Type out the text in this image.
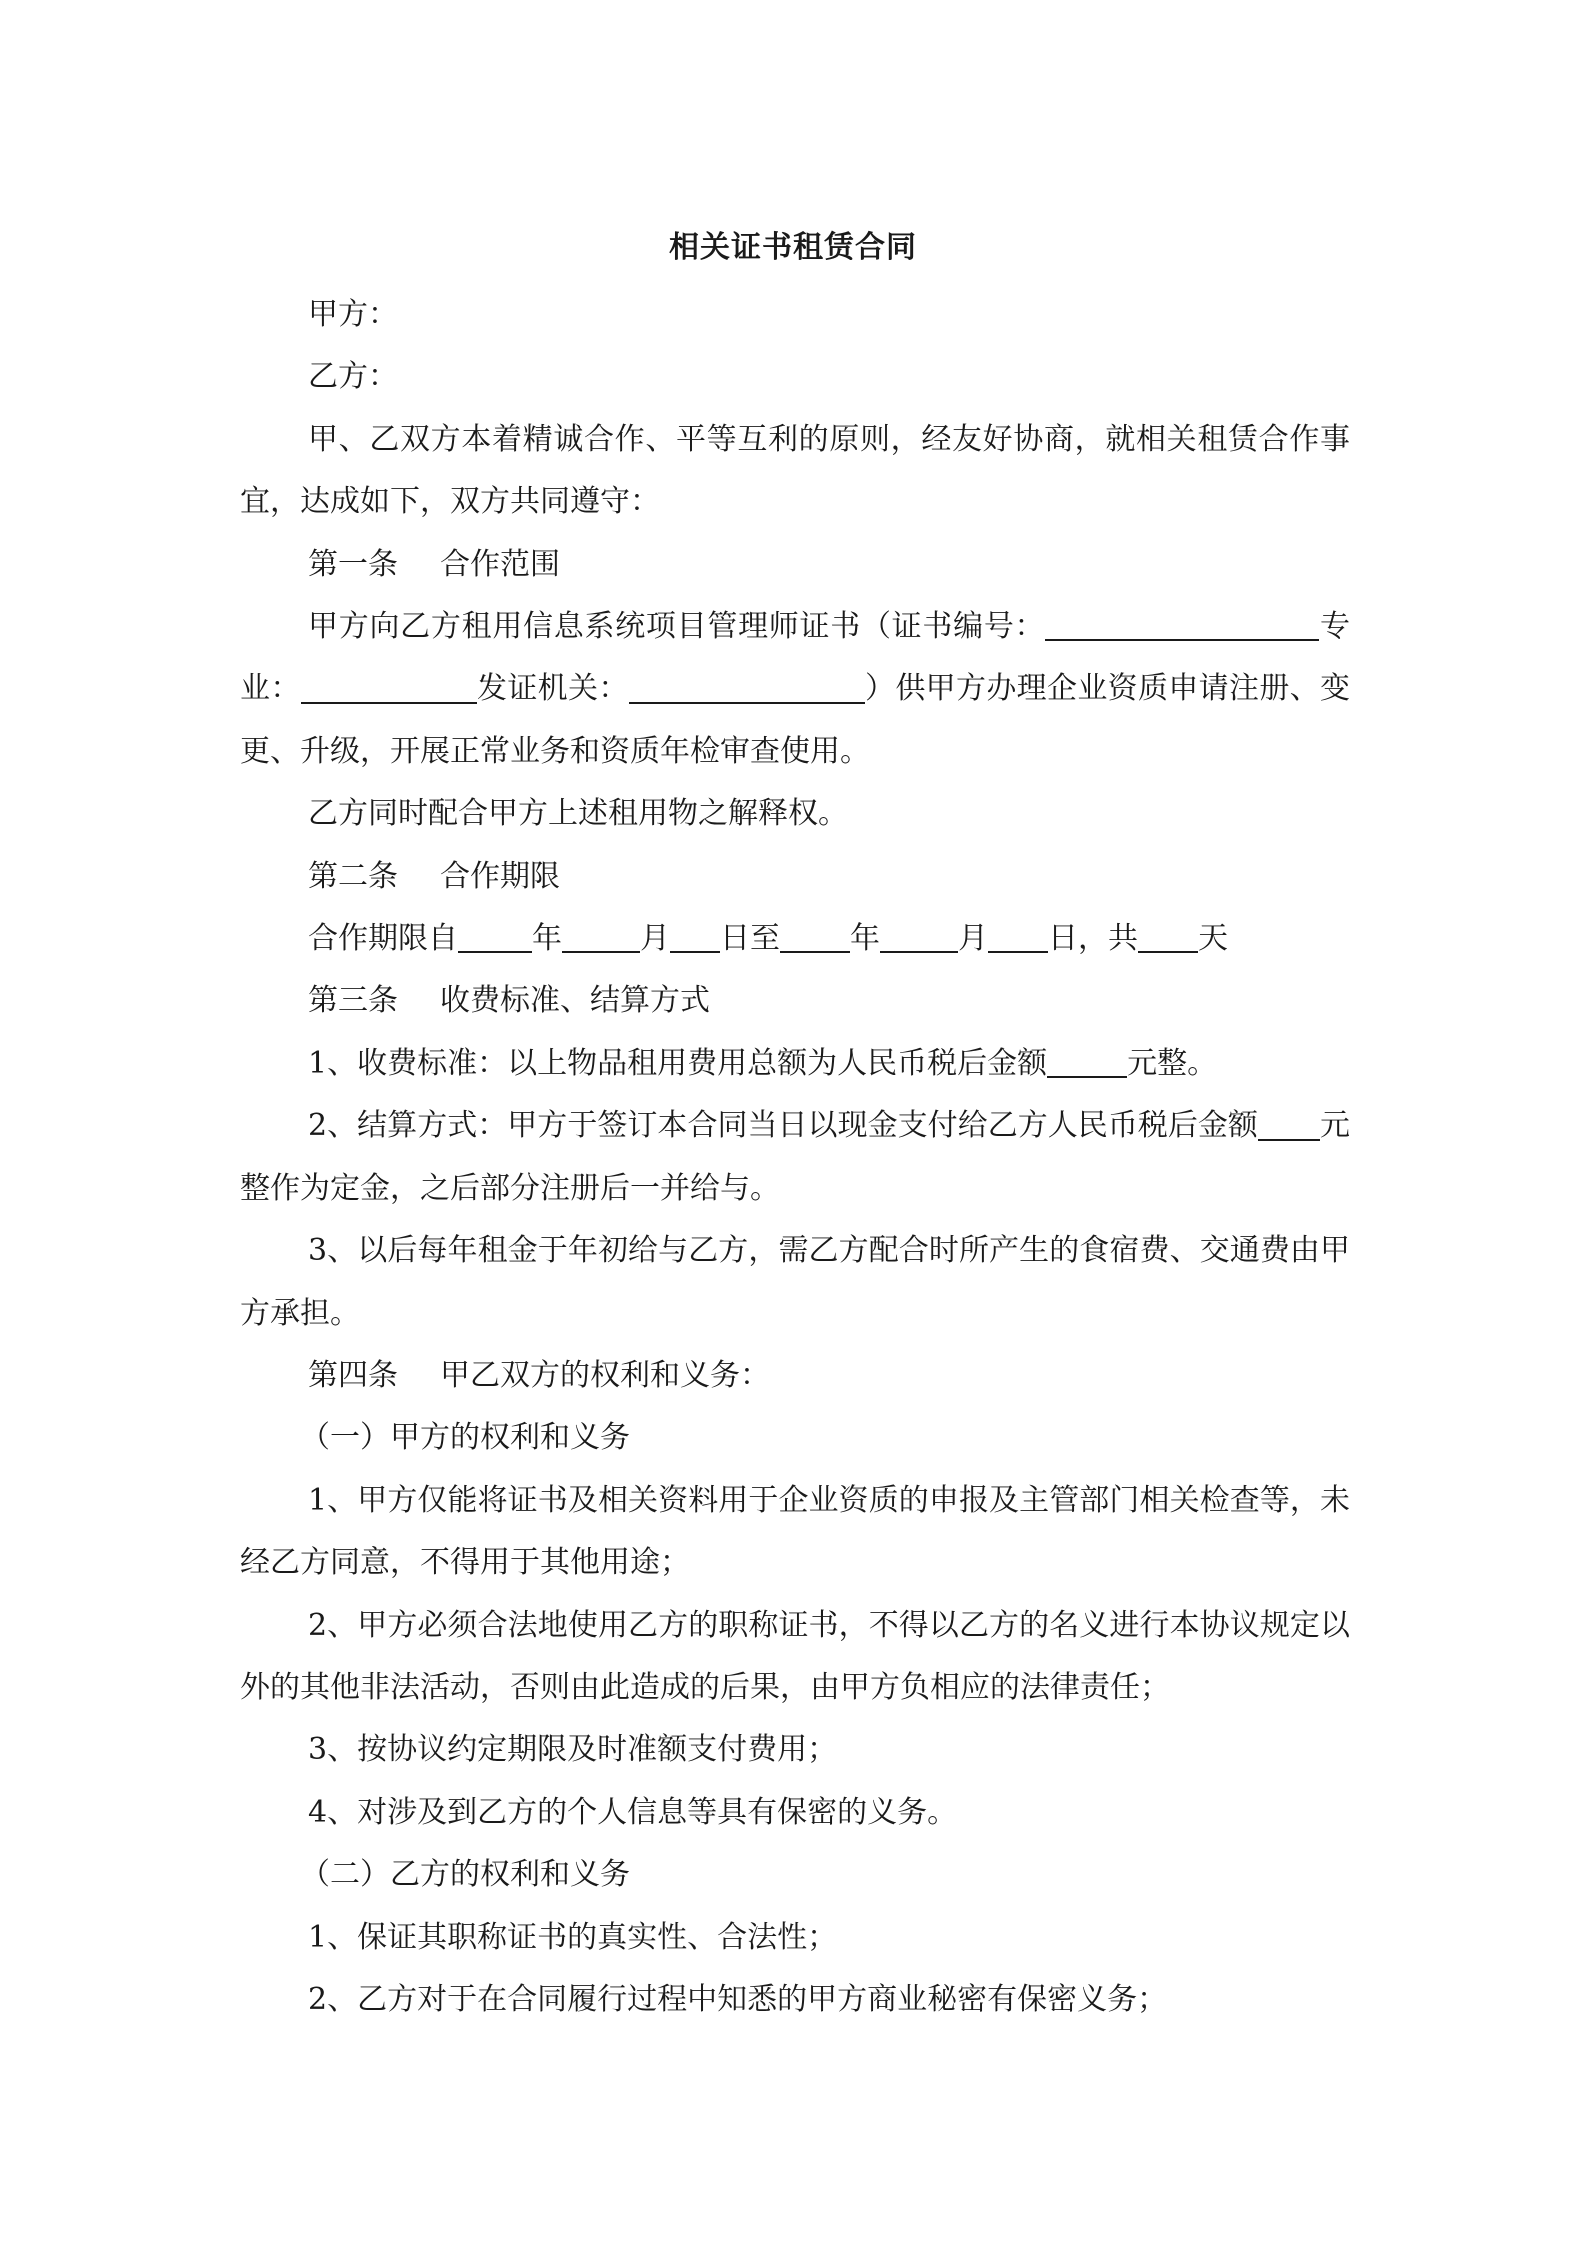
相关证书租赁合同

甲方：

乙方：

甲、乙双方本着精诚合作、平等互利的原则，经友好协商，就相关租赁合作事宜，达成如下，双方共同遵守：

第一条 合作范围

甲方向乙方租用信息系统项目管理师证书（证书编号：	专业：	发证机关：	）供甲方办理企业资质申请注册、变更、升级，开展正常业务和资质年检审查使用。

乙方同时配合甲方上述租用物之解释权。

第二条 合作期限

合作期限自 年	月 日至 年	月 日，共 天

第三条 收费标准、结算方式

1、收费标准：以上物品租用费用总额为人民币税后金额	元整。

2、结算方式：甲方于签订本合同当日以现金支付给乙方人民币税后金额 元整作为定金，之后部分注册后一并给与。

3、以后每年租金于年初给与乙方，需乙方配合时所产生的食宿费、交通费由甲方承担。

第四条 甲乙双方的权利和义务：

（一）甲方的权利和义务

1、甲方仅能将证书及相关资料用于企业资质的申报及主管部门相关检查等，未经乙方同意，不得用于其他用途；

2、甲方必须合法地使用乙方的职称证书，不得以乙方的名义进行本协议规定以外的其他非法活动，否则由此造成的后果，由甲方负相应的法律责任；

3、按协议约定期限及时准额支付费用；

4、对涉及到乙方的个人信息等具有保密的义务。

（二）乙方的权利和义务

1、保证其职称证书的真实性、合法性；

2、乙方对于在合同履行过程中知悉的甲方商业秘密有保密义务；
